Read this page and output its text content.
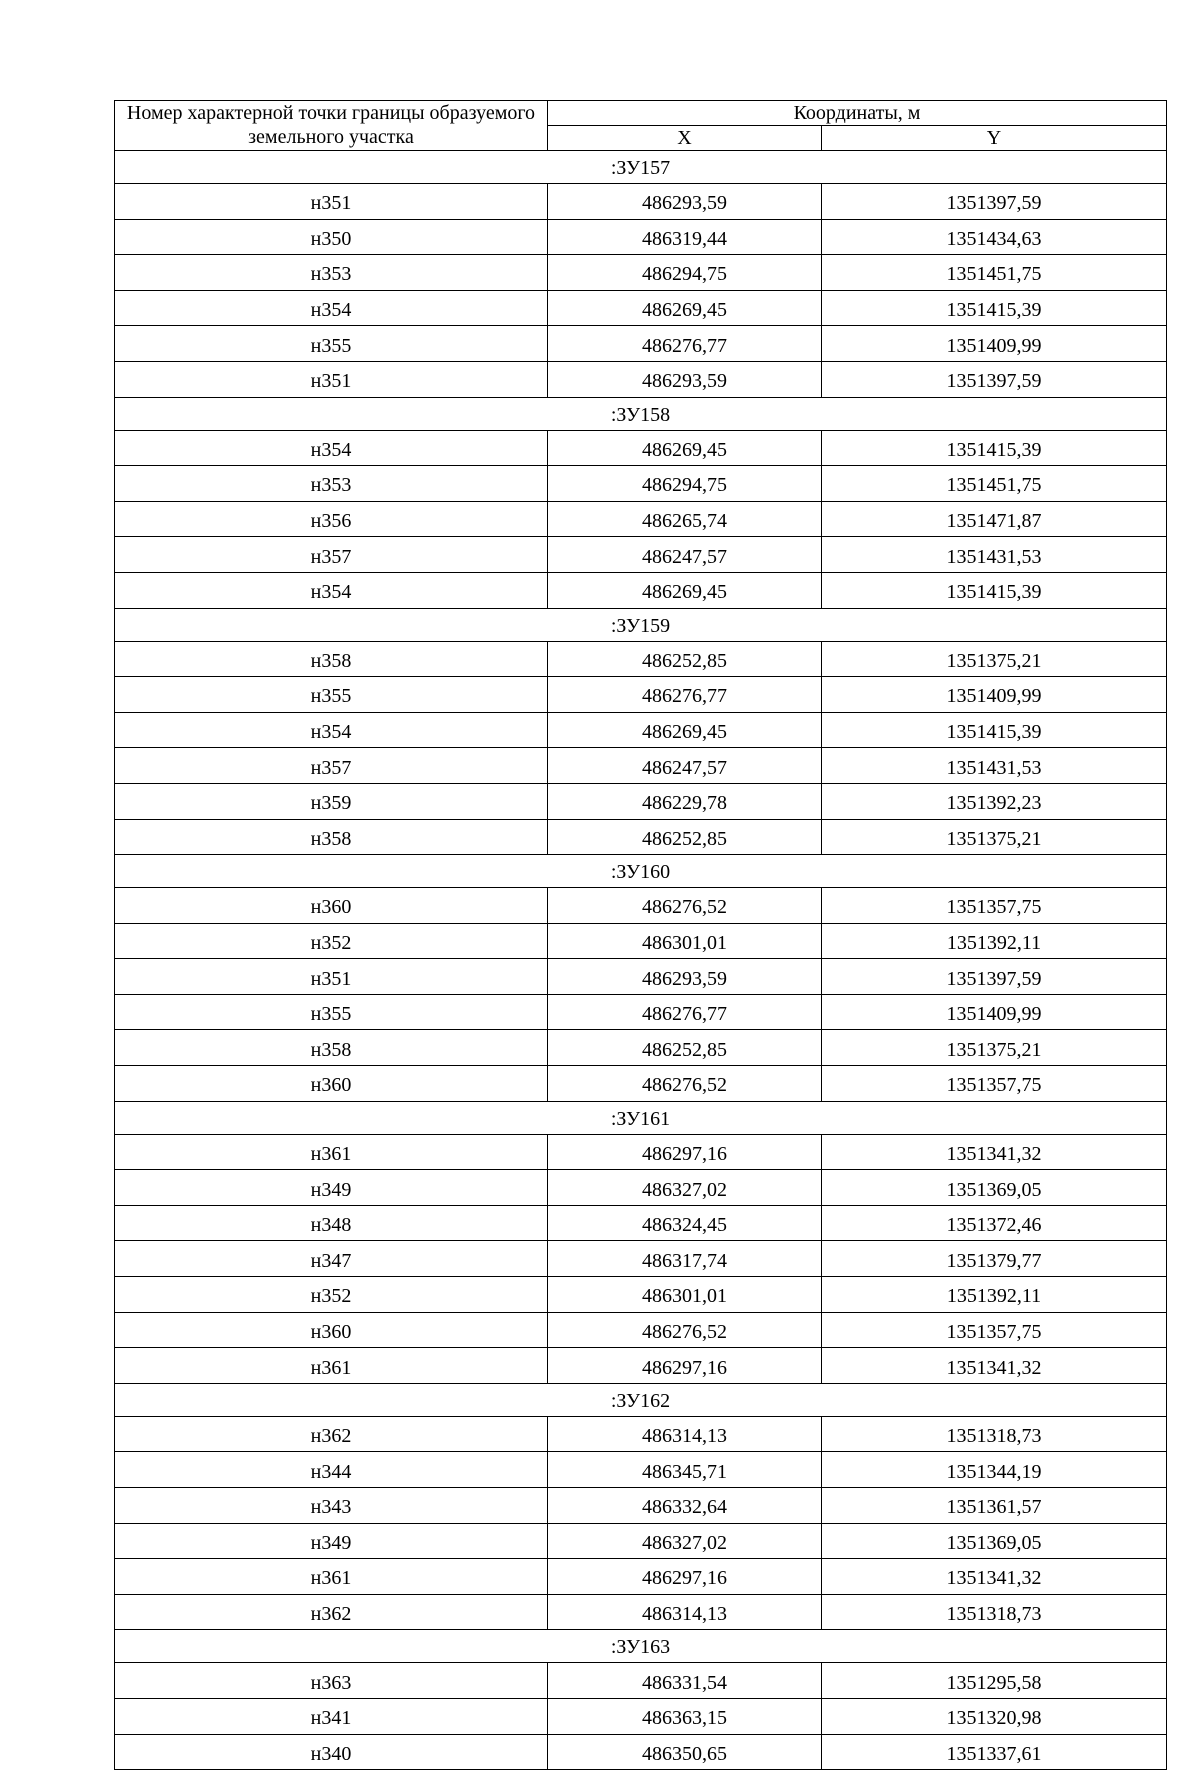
Номер характерной точки границы образуемого земельного участка	Координаты, м	
	X	Y
:ЗУ157		
н351	486293,59	1351397,59
н350	486319,44	1351434,63
н353	486294,75	1351451,75
н354	486269,45	1351415,39
н355	486276,77	1351409,99
н351	486293,59	1351397,59
:ЗУ158		
н354	486269,45	1351415,39
н353	486294,75	1351451,75
н356	486265,74	1351471,87
н357	486247,57	1351431,53
н354	486269,45	1351415,39
:ЗУ159		
н358	486252,85	1351375,21
н355	486276,77	1351409,99
н354	486269,45	1351415,39
н357	486247,57	1351431,53
н359	486229,78	1351392,23
н358	486252,85	1351375,21
:ЗУ160		
н360	486276,52	1351357,75
н352	486301,01	1351392,11
н351	486293,59	1351397,59
н355	486276,77	1351409,99
н358	486252,85	1351375,21
н360	486276,52	1351357,75
:ЗУ161		
н361	486297,16	1351341,32
н349	486327,02	1351369,05
н348	486324,45	1351372,46
н347	486317,74	1351379,77
н352	486301,01	1351392,11
н360	486276,52	1351357,75
н361	486297,16	1351341,32
:ЗУ162		
н362	486314,13	1351318,73
н344	486345,71	1351344,19
н343	486332,64	1351361,57
н349	486327,02	1351369,05
н361	486297,16	1351341,32
н362	486314,13	1351318,73
:ЗУ163		
н363	486331,54	1351295,58
н341	486363,15	1351320,98
н340	486350,65	1351337,61
